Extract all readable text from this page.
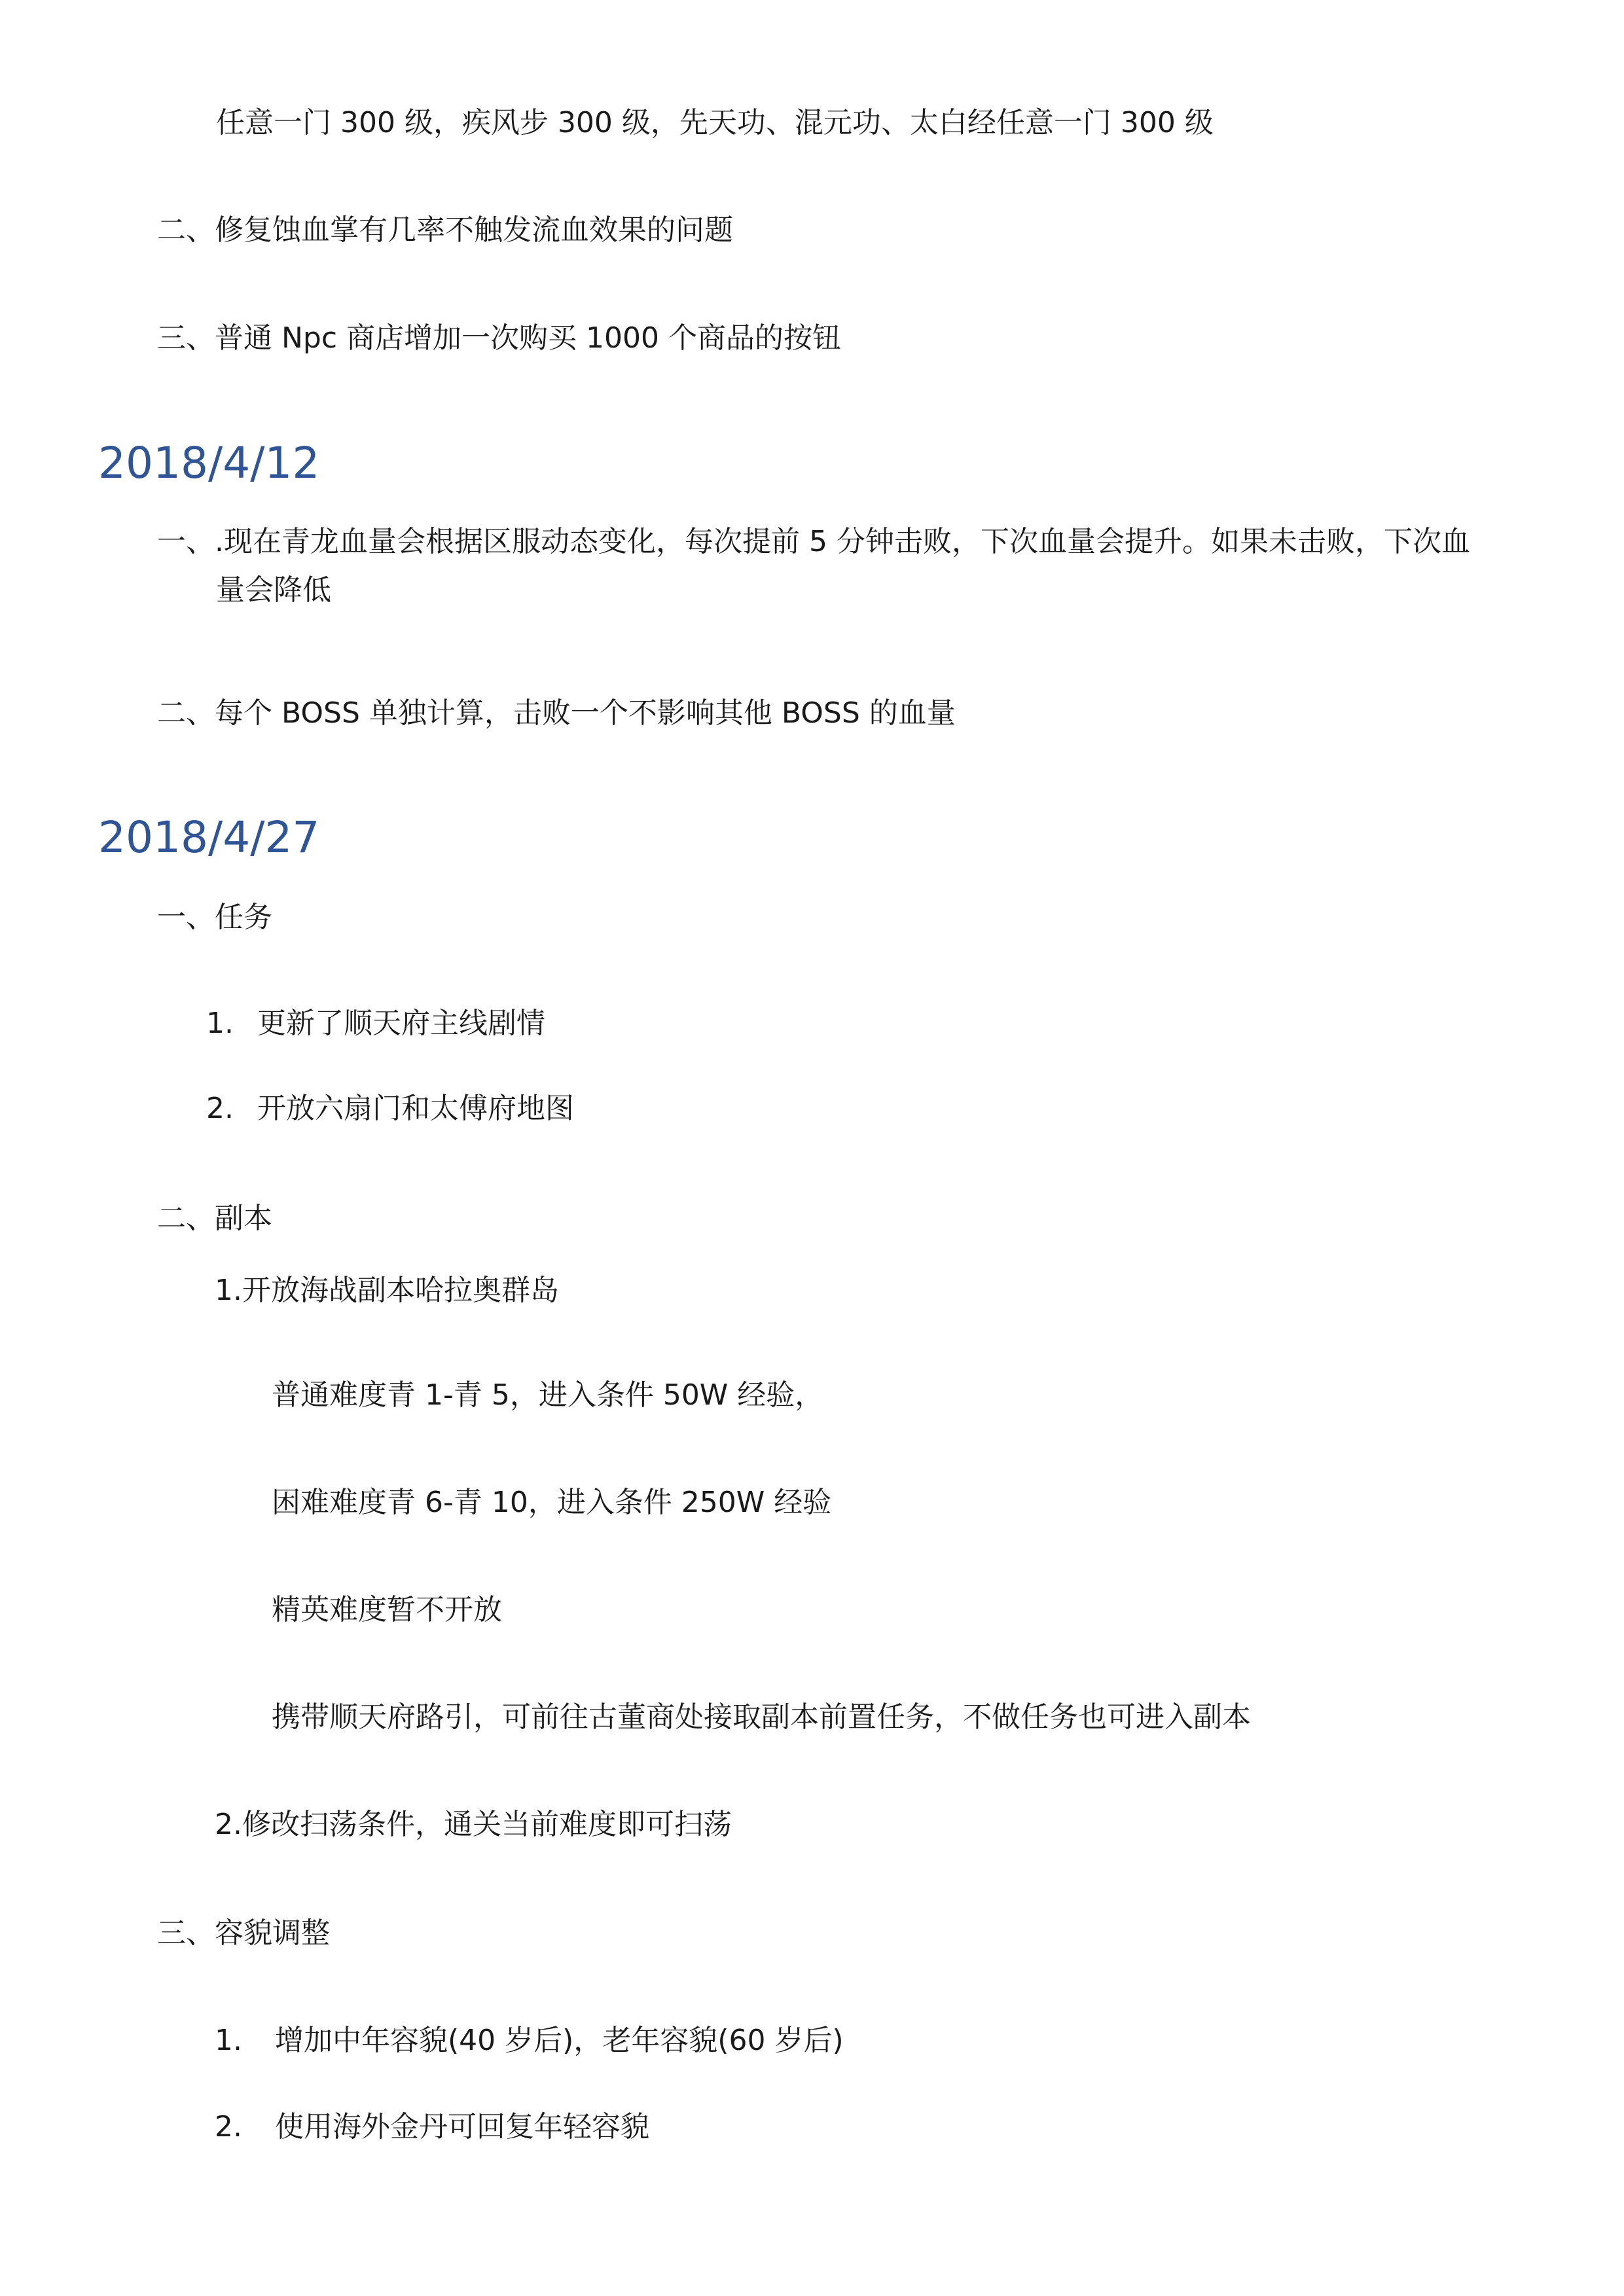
任意一门 300 级，疾风步 300 级，先天功、混元功、太白经任意一门 300 级
二、修复蚀血掌有几率不触发流血效果的问题
三、普通 Npc 商店增加一次购买 1000 个商品的按钮
2018/4/12
一、.现在青龙血量会根据区服动态变化，每次提前 5 分钟击败，下次血量会提升。如果未击败，下次血
量会降低
二、每个 BOSS 单独计算，击败一个不影响其他 BOSS 的血量
2018/4/27
一、任务
1. 更新了顺天府主线剧情
2. 开放六扇门和太傅府地图
二、副本
1.开放海战副本哈拉奥群岛
普通难度青 1-青 5，进入条件 50W 经验，
困难难度青 6-青 10，进入条件 250W 经验
精英难度暂不开放
携带顺天府路引，可前往古董商处接取副本前置任务，不做任务也可进入副本
2.修改扫荡条件，通关当前难度即可扫荡
三、容貌调整
1. 增加中年容貌(40 岁后)，老年容貌(60 岁后)
2. 使用海外金丹可回复年轻容貌
